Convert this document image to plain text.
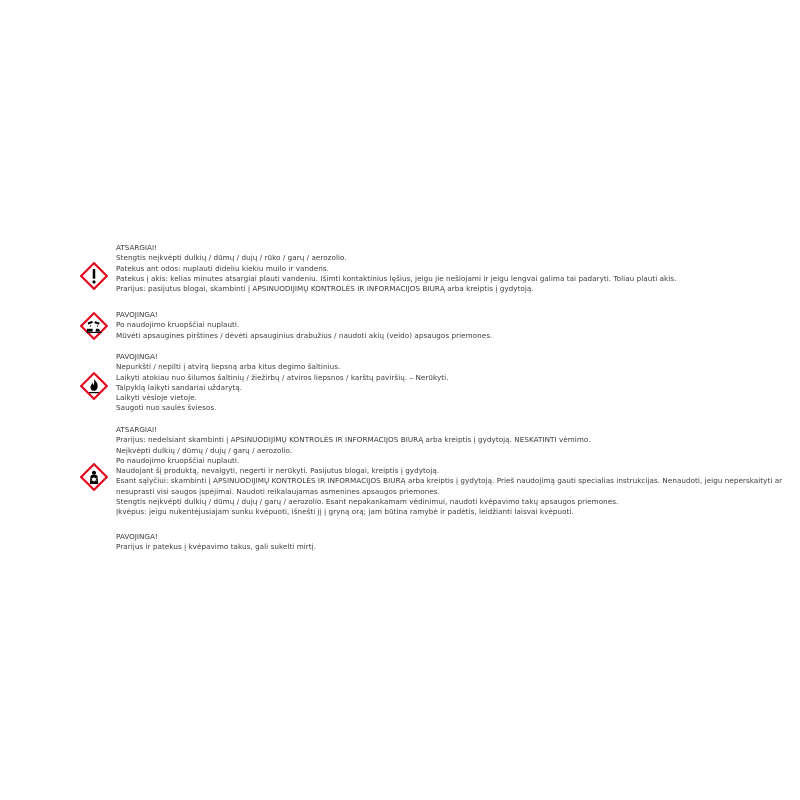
ATSARGIAI!
Stengtis neįkvėpti dulkių / dūmų / dujų / rūko / garų / aerozolio.
Patekus ant odos: nuplauti dideliu kiekiu muilo ir vandens.
Patekus į akis: kelias minutes atsargiai plauti vandeniu. Išimti kontaktinius lęšius, jeigu jie nešiojami ir jeigu lengvai galima tai padaryti. Toliau plauti akis.
Prarijus: pasijutus blogai, skambinti į APSINUODIJIMŲ KONTROLĖS IR INFORMACIJOS BIURĄ arba kreiptis į gydytoją.
PAVOJINGA!
Po naudojimo kruopščiai nuplauti.
Mūvėti apsaugines pirštines / dėvėti apsauginius drabužius / naudoti akių (veido) apsaugos priemones.
PAVOJINGA!
Nepurkšti / nepilti į atvirą liepsną arba kitus degimo šaltinius.
Laikyti atokiau nuo šilumos šaltinių / žiežirbų / atviros liepsnos / karštų paviršių. – Nerūkyti.
Talpyklą laikyti sandariai uždarytą.
Laikyti vėsioje vietoje.
Saugoti nuo saulės šviesos.
ATSARGIAI!
Prarijus: nedelsiant skambinti į APSINUODIJIMŲ KONTROLĖS IR INFORMACIJOS BIURĄ arba kreiptis į gydytoją. NESKATINTI vėmimo.
Neįkvėpti dulkių / dūmų / dujų / garų / aerozolio.
Po naudojimo kruopščiai nuplauti.
Naudojant šį produktą, nevalgyti, negerti ir nerūkyti. Pasijutus blogai, kreiptis į gydytoją.
Esant sąlyčiui: skambinti į APSINUODIJIMŲ KONTROLĖS IR INFORMACIJOS BIURĄ arba kreiptis į gydytoją. Prieš naudojimą gauti specialias instrukcijas. Nenaudoti, jeigu neperskaityti ar
nesuprasti visi saugos įspėjimai. Naudoti reikalaujamas asmenines apsaugos priemones.
Stengtis neįkvėpti dulkių / dūmų / dujų / garų / aerozolio. Esant nepakankamam vėdinimui, naudoti kvėpavimo takų apsaugos priemones.
Įkvėpus: jeigu nukentėjusiajam sunku kvėpuoti, išnešti jį į gryną orą; jam būtina ramybė ir padėtis, leidžianti laisvai kvėpuoti.
PAVOJINGA!
Prarijus ir patekus į kvėpavimo takus, gali sukelti mirtį.
